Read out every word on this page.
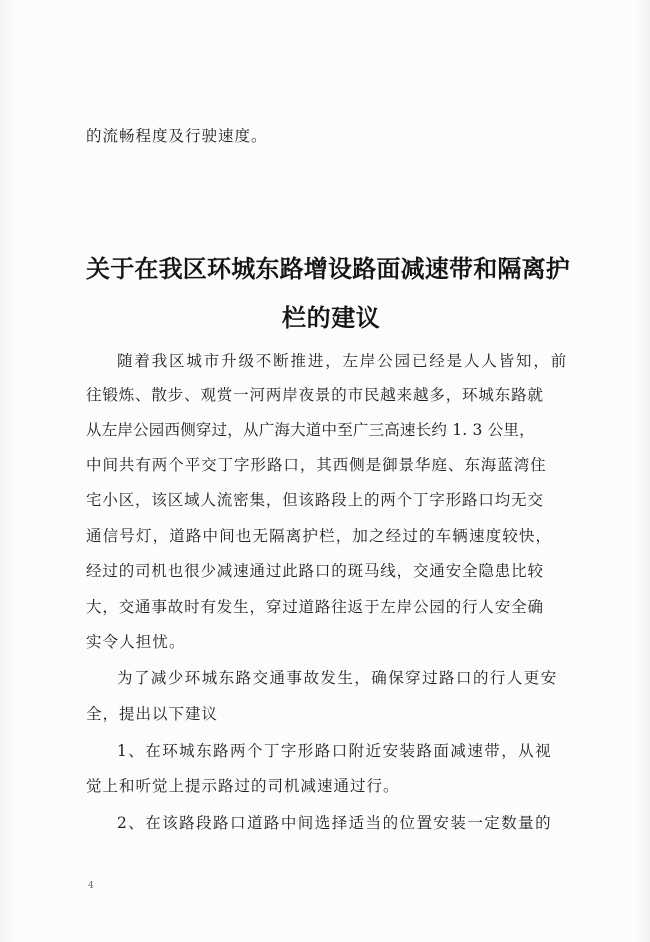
的流畅程度及行驶速度。
关于在我区环城东路增设路面减速带和隔离护
栏的建议
随着我区城市升级不断推进，左岸公园已经是人人皆知，前
往锻炼、散步、观赏一河两岸夜景的市民越来越多，环城东路就
从左岸公园西侧穿过，从广海大道中至广三高速长约 1. 3 公里，
中间共有两个平交丁字形路口，其西侧是御景华庭、东海蓝湾住
宅小区，该区域人流密集，但该路段上的两个丁字形路口均无交
通信号灯，道路中间也无隔离护栏，加之经过的车辆速度较快，
经过的司机也很少减速通过此路口的斑马线，交通安全隐患比较
大，交通事故时有发生，穿过道路往返于左岸公园的行人安全确
实令人担忧。
为了减少环城东路交通事故发生，确保穿过路口的行人更安
全，提出以下建议
1、在环城东路两个丁字形路口附近安装路面减速带，从视
觉上和听觉上提示路过的司机减速通过行。
2、在该路段路口道路中间选择适当的位置安装一定数量的
4
